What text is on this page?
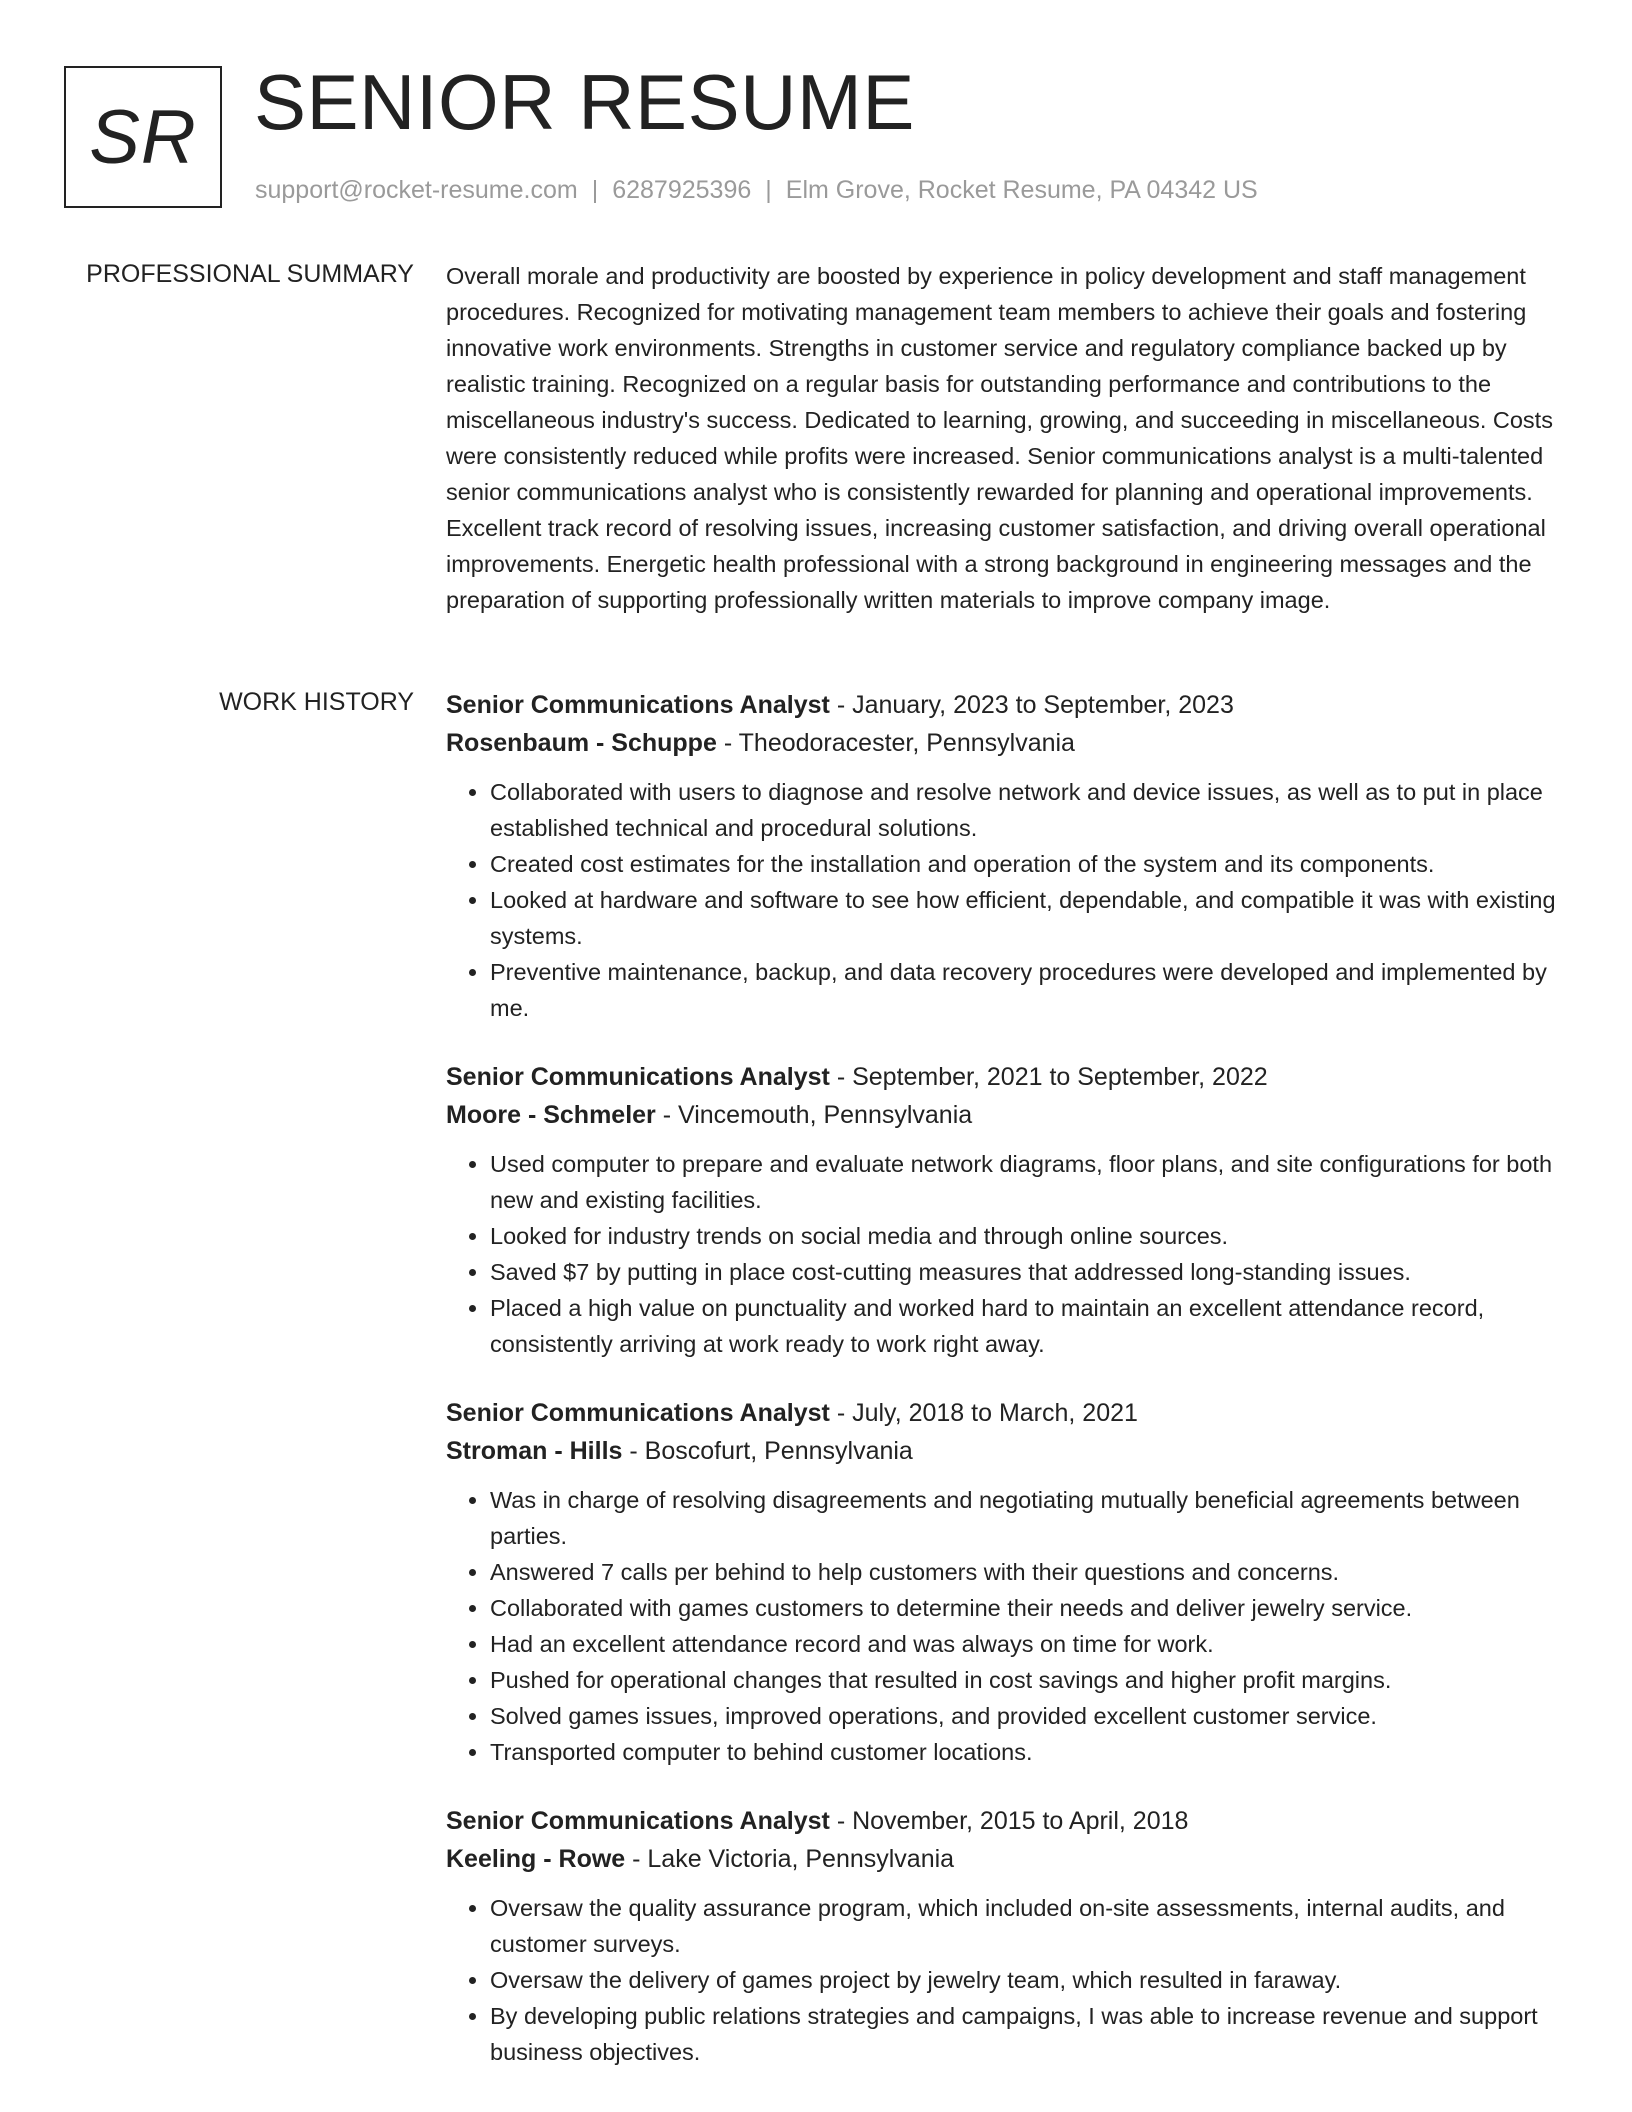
SR SENIOR RESUME
support@rocket-resume.com | 6287925396 | Elm Grove, Rocket Resume, PA 04342 US
PROFESSIONAL SUMMARY Overall morale and productivity are boosted by experience in policy development and staff management procedures. Recognized for motivating management team members to achieve their goals and fostering innovative work environments. Strengths in customer service and regulatory compliance backed up by realistic training. Recognized on a regular basis for outstanding performance and contributions to the miscellaneous industry's success. Dedicated to learning, growing, and succeeding in miscellaneous. Costs were consistently reduced while profits were increased. Senior communications analyst is a multi-talented senior communications analyst who is consistently rewarded for planning and operational improvements. Excellent track record of resolving issues, increasing customer satisfaction, and driving overall operational improvements. Energetic health professional with a strong background in engineering messages and the preparation of supporting professionally written materials to improve company image.
WORK HISTORY Senior Communications Analyst - January, 2023 to September, 2023
Rosenbaum - Schuppe - Theodoracester, Pennsylvania
• Collaborated with users to diagnose and resolve network and device issues, as well as to put in place established technical and procedural solutions.
• Created cost estimates for the installation and operation of the system and its components.
• Looked at hardware and software to see how efficient, dependable, and compatible it was with existing systems.
• Preventive maintenance, backup, and data recovery procedures were developed and implemented by me.
Senior Communications Analyst - September, 2021 to September, 2022
Moore - Schmeler - Vincemouth, Pennsylvania
• Used computer to prepare and evaluate network diagrams, floor plans, and site configurations for both new and existing facilities.
• Looked for industry trends on social media and through online sources.
• Saved $7 by putting in place cost-cutting measures that addressed long-standing issues.
• Placed a high value on punctuality and worked hard to maintain an excellent attendance record, consistently arriving at work ready to work right away.
Senior Communications Analyst - July, 2018 to March, 2021
Stroman - Hills - Boscofurt, Pennsylvania
• Was in charge of resolving disagreements and negotiating mutually beneficial agreements between parties.
• Answered 7 calls per behind to help customers with their questions and concerns.
• Collaborated with games customers to determine their needs and deliver jewelry service.
• Had an excellent attendance record and was always on time for work.
• Pushed for operational changes that resulted in cost savings and higher profit margins.
• Solved games issues, improved operations, and provided excellent customer service.
• Transported computer to behind customer locations.
Senior Communications Analyst - November, 2015 to April, 2018
Keeling - Rowe - Lake Victoria, Pennsylvania
• Oversaw the quality assurance program, which included on-site assessments, internal audits, and customer surveys.
• Oversaw the delivery of games project by jewelry team, which resulted in faraway.
• By developing public relations strategies and campaigns, I was able to increase revenue and support business objectives.
